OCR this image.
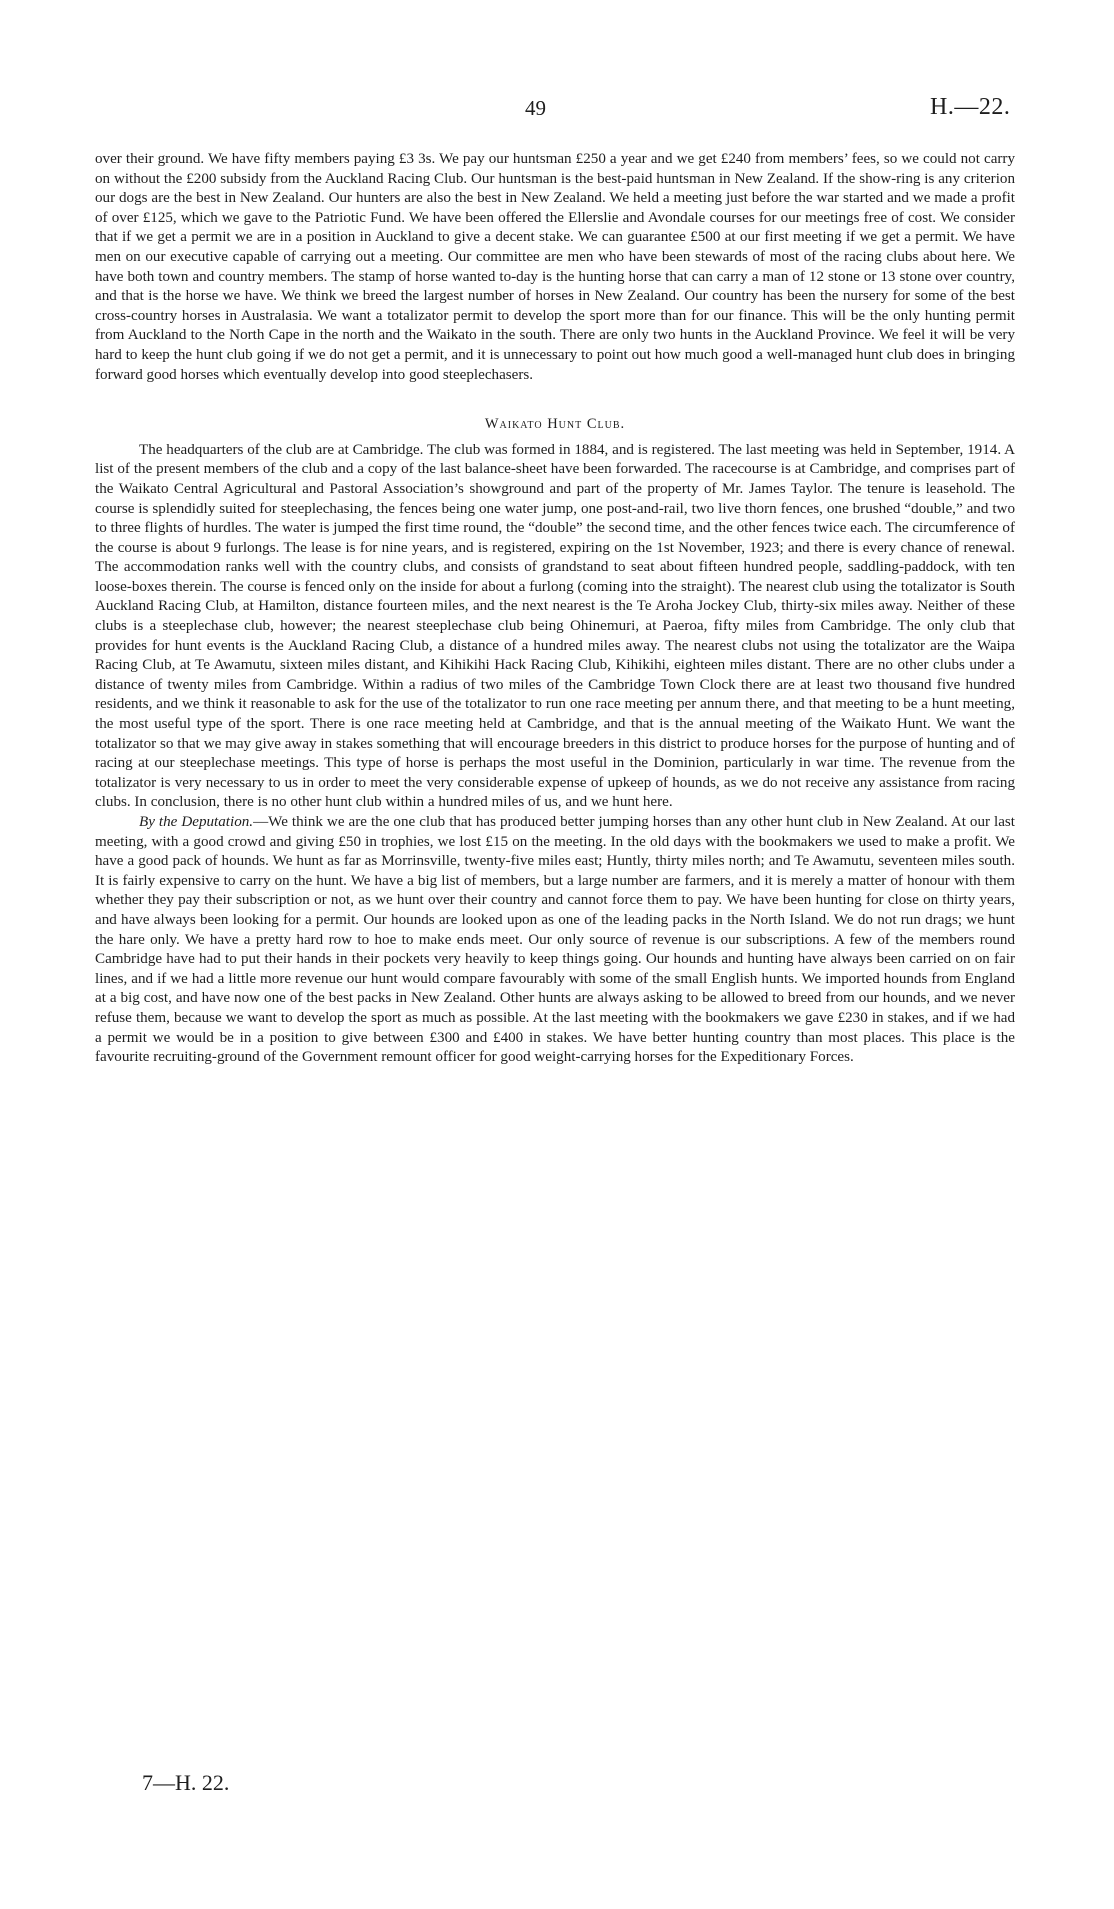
49	H.—22.

over their ground. We have fifty members paying £3 3s. We pay our huntsman £250 a year and we get £240 from members’ fees, so we could not carry on without the £200 subsidy from the Auckland Racing Club. Our huntsman is the best-paid huntsman in New Zealand. If the show-ring is any criterion our dogs are the best in New Zealand. Our hunters are also the best in New Zealand. We held a meeting just before the war started and we made a profit of over £125, which we gave to the Patriotic Fund. We have been offered the Ellerslie and Avondale courses for our meetings free of cost. We consider that if we get a permit we are in a position in Auckland to give a decent stake. We can guarantee £500 at our first meeting if we get a permit. We have men on our executive capable of carrying out a meeting. Our committee are men who have been stewards of most of the racing clubs about here. We have both town and country members. The stamp of horse wanted to-day is the hunting horse that can carry a man of 12 stone or 13 stone over country, and that is the horse we have. We think we breed the largest number of horses in New Zealand. Our country has been the nursery for some of the best cross-country horses in Australasia. We want a totalizator permit to develop the sport more than for our finance. This will be the only hunting permit from Auckland to the North Cape in the north and the Waikato in the south. There are only two hunts in the Auckland Province. We feel it will be very hard to keep the hunt club going if we do not get a permit, and it is unnecessary to point out how much good a well-managed hunt club does in bringing forward good horses which eventually develop into good steeplechasers.

Waikato Hunt Club.

The headquarters of the club are at Cambridge. The club was formed in 1884, and is registered. The last meeting was held in September, 1914. A list of the present members of the club and a copy of the last balance-sheet have been forwarded. The racecourse is at Cambridge, and comprises part of the Waikato Central Agricultural and Pastoral Association’s showground and part of the property of Mr. James Taylor. The tenure is leasehold. The course is splendidly suited for steeplechasing, the fences being one water jump, one post-and-rail, two live thorn fences, one brushed “double,” and two to three flights of hurdles. The water is jumped the first time round, the “double” the second time, and the other fences twice each. The circumference of the course is about 9 furlongs. The lease is for nine years, and is registered, expiring on the 1st November, 1923; and there is every chance of renewal. The accommodation ranks well with the country clubs, and consists of grandstand to seat about fifteen hundred people, saddling-paddock, with ten loose-boxes therein. The course is fenced only on the inside for about a furlong (coming into the straight). The nearest club using the totalizator is South Auckland Racing Club, at Hamilton, distance fourteen miles, and the next nearest is the Te Aroha Jockey Club, thirty-six miles away. Neither of these clubs is a steeplechase club, however; the nearest steeplechase club being Ohinemuri, at Paeroa, fifty miles from Cambridge. The only club that provides for hunt events is the Auckland Racing Club, a distance of a hundred miles away. The nearest clubs not using the totalizator are the Waipa Racing Club, at Te Awamutu, sixteen miles distant, and Kihikihi Hack Racing Club, Kihikihi, eighteen miles distant. There are no other clubs under a distance of twenty miles from Cambridge. Within a radius of two miles of the Cambridge Town Clock there are at least two thousand five hundred residents, and we think it reasonable to ask for the use of the totalizator to run one race meeting per annum there, and that meeting to be a hunt meeting, the most useful type of the sport. There is one race meeting held at Cambridge, and that is the annual meeting of the Waikato Hunt. We want the totalizator so that we may give away in stakes something that will encourage breeders in this district to produce horses for the purpose of hunting and of racing at our steeplechase meetings. This type of horse is perhaps the most useful in the Dominion, particularly in war time. The revenue from the totalizator is very necessary to us in order to meet the very considerable expense of upkeep of hounds, as we do not receive any assistance from racing clubs. In conclusion, there is no other hunt club within a hundred miles of us, and we hunt here.

By the Deputation.—We think we are the one club that has produced better jumping horses than any other hunt club in New Zealand. At our last meeting, with a good crowd and giving £50 in trophies, we lost £15 on the meeting. In the old days with the bookmakers we used to make a profit. We have a good pack of hounds. We hunt as far as Morrinsville, twenty-five miles east; Huntly, thirty miles north; and Te Awamutu, seventeen miles south. It is fairly expensive to carry on the hunt. We have a big list of members, but a large number are farmers, and it is merely a matter of honour with them whether they pay their subscription or not, as we hunt over their country and cannot force them to pay. We have been hunting for close on thirty years, and have always been looking for a permit. Our hounds are looked upon as one of the leading packs in the North Island. We do not run drags; we hunt the hare only. We have a pretty hard row to hoe to make ends meet. Our only source of revenue is our subscriptions. A few of the members round Cambridge have had to put their hands in their pockets very heavily to keep things going. Our hounds and hunting have always been carried on on fair lines, and if we had a little more revenue our hunt would compare favourably with some of the small English hunts. We imported hounds from England at a big cost, and have now one of the best packs in New Zealand. Other hunts are always asking to be allowed to breed from our hounds, and we never refuse them, because we want to develop the sport as much as possible. At the last meeting with the bookmakers we gave £230 in stakes, and if we had a permit we would be in a position to give between £300 and £400 in stakes. We have better hunting country than most places. This place is the favourite recruiting-ground of the Government remount officer for good weight-carrying horses for the Expeditionary Forces.

7—H. 22.
